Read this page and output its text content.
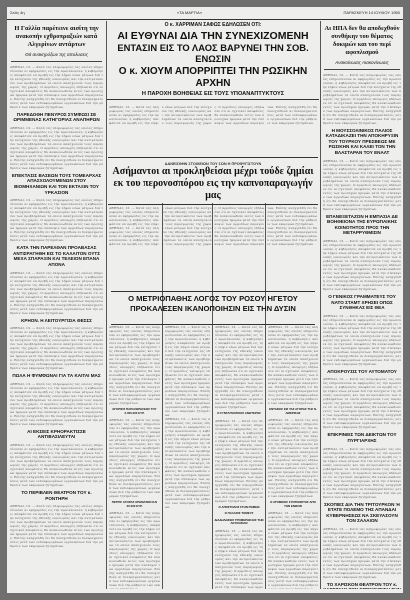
Σελίς 4η	«ΤΑ ΜΑΡΤΙΑ»	ΠΑΡΑΣΚΕΥΗ 14 ΙΟΥΛΙΟΥ 1950
Η Γαλλία παρέτεινε αισίτη την ανακοπήν εχθροπραξιών κατά Αλγερίνων αντάρτων
Θά ανακηρύξων της απολυσεις
ΑΘΗΝΑΙ, 13. — Κατά τας πληροφορίας τας οποίας εδημοσίευσαν αι εφημερίδες εις την πρωτεύουσαν, η κυβέρνησις απεφάσισε να προβή εις την λήψιν νέων μέτρων διά την ενίσχυσιν της εθνικής οικονομίας και την αντιμετώπισιν των προβλημάτων τα οποία απασχολούν τους παραγωγούς της χώρας. Ο αρμόδιος υπουργός εδήλωσεν ότι αι σχετικαί αποφάσεις θα ανακοινωθούν εντός των προσεχών ημερών μετά την σύσκεψιν των αρμοδίων παραγόντων. Επίσης ανηγγέλθη ότι θα συνεχισθούν αι διαπραγματεύσεις μετά των ενδιαφερομένων οργανώσεων διά την ρύθμισιν των εκκρεμών ζητημάτων.
ΠΑΡΕΔΟΘΗ ΠΕΝΥΡΟΣ ΣΥΜΦΩΣΙ ΣΕ ΩΡΙΜΜΕΝΑΣ ΚΑΤΗΓΟΡΙΑΣ ΑΝΑΠΗΡΩΝ
ΑΘΗΝΑΙ, 13. — Κατά τας πληροφορίας τας οποίας εδημοσίευσαν αι εφημερίδες εις την πρωτεύουσαν, η κυβέρνησις απεφάσισε να προβή εις την λήψιν νέων μέτρων διά την ενίσχυσιν της εθνικής οικονομίας και την αντιμετώπισιν των προβλημάτων τα οποία απασχολούν τους παραγωγούς της χώρας. Ο αρμόδιος υπουργός εδήλωσεν ότι αι σχετικαί αποφάσεις θα ανακοινωθούν εντός των προσεχών ημερών μετά την σύσκεψιν των αρμοδίων παραγόντων. Επίσης ανηγγέλθη ότι θα συνεχισθούν αι διαπραγματεύσεις μετά των ενδιαφερομένων οργανώσεων διά την ρύθμισιν των εκκρεμών ζητημάτων.
ΕΠΕΚΤΑΣΙΣ ΒΑΣΕΩΝ ΤΟΥΣ ΤΟΜΕΑΡΧΑΣ ΑΠΑΣΧΟΛΟΥΜΕΝΩΝ ΣΤΟΥ ΒΙΟΜΗΧΑΝΙΩΝ ΚΑΙ ΤΟΝ ΕΚΤΑΞΙΝ ΤΟΥ ΥΡΚΑΣΙΟΝ
ΑΘΗΝΑΙ, 13. — Κατά τας πληροφορίας τας οποίας εδημοσίευσαν αι εφημερίδες εις την πρωτεύουσαν, η κυβέρνησις απεφάσισε να προβή εις την λήψιν νέων μέτρων διά την ενίσχυσιν της εθνικής οικονομίας και την αντιμετώπισιν των προβλημάτων τα οποία απασχολούν τους παραγωγούς της χώρας. Ο αρμόδιος υπουργός εδήλωσεν ότι αι σχετικαί αποφάσεις θα ανακοινωθούν εντός των προσεχών ημερών μετά την σύσκεψιν των αρμοδίων παραγόντων. Επίσης ανηγγέλθη ότι θα συνεχισθούν αι διαπραγματεύσεις μετά των ενδιαφερομένων οργανώσεων διά την ρύθμισιν των εκκρεμών ζητημάτων.
ΚΑΤΑ ΤΗΝ ΠΑΡΕΛΘΑΝ ΠΡΟΑΒΑΣΑΣ ΑΝΤΙΣΡΑΓΗΘΗ ΕΙΣ ΤΟ ΚΑΛΑΙΤΟΝ ΟΥΤΣ ΜΕΧΑ ΣΠΑΡΑΞΙΝ ΚΑΙ ΤΕΛΕΙΟΝ ΕΠΑΝΑ ΑΠΟΝΑ
ΑΘΗΝΑΙ, 13. — Κατά τας πληροφορίας τας οποίας εδημοσίευσαν αι εφημερίδες εις την πρωτεύουσαν, η κυβέρνησις απεφάσισε να προβή εις την λήψιν νέων μέτρων διά την ενίσχυσιν της εθνικής οικονομίας και την αντιμετώπισιν των προβλημάτων τα οποία απασχολούν τους παραγωγούς της χώρας. Ο αρμόδιος υπουργός εδήλωσεν ότι αι σχετικαί αποφάσεις θα ανακοινωθούν εντός των προσεχών ημερών μετά την σύσκεψιν των αρμοδίων παραγόντων. Επίσης ανηγγέλθη ότι θα συνεχισθούν αι διαπραγματεύσεις μετά των ενδιαφερομένων οργανώσεων διά την ρύθμισιν των εκκρεμών ζητημάτων.
ΚΡΗΟΝ. Η ΛΕΙΤΟΥΡΓΙΣΙΑ ΘΕΣΣΣ
ΑΘΗΝΑΙ, 13. — Κατά τας πληροφορίας τας οποίας εδημοσίευσαν αι εφημερίδες εις την πρωτεύουσαν, η κυβέρνησις απεφάσισε να προβή εις την λήψιν νέων μέτρων διά την ενίσχυσιν της εθνικής οικονομίας και την αντιμετώπισιν των προβλημάτων τα οποία απασχολούν τους παραγωγούς της χώρας. Ο αρμόδιος υπουργός εδήλωσεν ότι αι σχετικαί αποφάσεις θα ανακοινωθούν εντός των προσεχών ημερών μετά την σύσκεψιν των αρμοδίων παραγόντων. Επίσης ανηγγέλθη ότι θα συνεχισθούν αι διαπραγματεύσεις μετά των ενδιαφερομένων οργανώσεων διά την ρύθμισιν των εκκρεμών ζητημάτων.
ΠΩΛΑ Η ΦΥΜΦΩΝΑΙ ΓΙΑ ΤΑ ΚΑΙΤΑΙ ΜΑΣ
ΑΘΗΝΑΙ, 13. — Κατά τας πληροφορίας τας οποίας εδημοσίευσαν αι εφημερίδες εις την πρωτεύουσαν, η κυβέρνησις απεφάσισε να προβή εις την λήψιν νέων μέτρων διά την ενίσχυσιν της εθνικής οικονομίας και την αντιμετώπισιν των προβλημάτων τα οποία απασχολούν τους παραγωγούς της χώρας. Ο αρμόδιος υπουργός εδήλωσεν ότι αι σχετικαί αποφάσεις θα ανακοινωθούν εντός των προσεχών ημερών μετά την σύσκεψιν των αρμοδίων παραγόντων. Επίσης ανηγγέλθη ότι θα συνεχισθούν αι διαπραγματεύσεις μετά των ενδιαφερομένων οργανώσεων διά την ρύθμισιν των εκκρεμών ζητημάτων.
ΑΙ ΕΚΣΕΙΣ ΚΡΗΟΡΑΚΤΙΣΣΕ ΑΝΤΙΒΑΣΙΛΕΥΤΑΙ
ΑΘΗΝΑΙ, 13. — Κατά τας πληροφορίας τας οποίας εδημοσίευσαν αι εφημερίδες εις την πρωτεύουσαν, η κυβέρνησις απεφάσισε να προβή εις την λήψιν νέων μέτρων διά την ενίσχυσιν της εθνικής οικονομίας και την αντιμετώπισιν των προβλημάτων τα οποία απασχολούν τους παραγωγούς της χώρας. Ο αρμόδιος υπουργός εδήλωσεν ότι αι σχετικαί αποφάσεις θα ανακοινωθούν εντός των προσεχών ημερών μετά την σύσκεψιν των αρμοδίων παραγόντων. Επίσης ανηγγέλθη ότι θα συνεχισθούν αι διαπραγματεύσεις μετά των ενδιαφερομένων οργανώσεων διά την ρύθμισιν των εκκρεμών ζητημάτων.
ΤΟ ΠΕΡΙΒΛΕΝ ΘΕΑΤΡΟΝ ΤΟΥ κ. ΡΟΝΤΗΡΗ
ΑΘΗΝΑΙ, 13. — Κατά τας πληροφορίας τας οποίας εδημοσίευσαν αι εφημερίδες εις την πρωτεύουσαν, η κυβέρνησις απεφάσισε να προβή εις την λήψιν νέων μέτρων διά την ενίσχυσιν της εθνικής οικονομίας και την αντιμετώπισιν των προβλημάτων τα οποία απασχολούν τους παραγωγούς της χώρας. Ο αρμόδιος υπουργός εδήλωσεν ότι αι σχετικαί αποφάσεις θα ανακοινωθούν εντός των προσεχών ημερών μετά την σύσκεψιν των αρμοδίων παραγόντων. Επίσης ανηγγέλθη ότι θα συνεχισθούν αι διαπραγματεύσεις μετά των ενδιαφερομένων οργανώσεων διά την ρύθμισιν των εκκρεμών ζητημάτων.
Ο κ. ΧΑΡΡΙΜΑΝ ΣΑΦΩΣ ΕΔΗΛΩΣΕΝ ΟΤΙ:
ΑΙ ΕΥΘΥΝΑΙ ΔΙΑ ΤΗΝ ΣΥΝΕΧΙΖΟΜΕΝΗ
ΕΝΤΑΣΙΝ ΕΙΣ ΤΟ ΛΑΟΣ ΒΑΡΥΝΕΙ ΤΗΝ ΣΟΒ. ΕΝΩΣΙΝ
Ο κ. ΧΙΟΥΜ ΑΠΟΡΡΙΠΤΕΙ ΤΗΝ ΡΩΣΙΚΗΝ ΑΡΧΗΝ
Η ΠΑΡΟΧΗ ΒΟΗΘΕΙΑΣ ΕΙΣ ΤΟΥΣ ΥΠΟΑΝΑΠΤΥΚΤΟΥΣ
ΑΘΗΝΑΙ, 13. — Κατά τας πληροφορίας τας οποίας εδημοσίευσαν αι εφημερίδες εις την πρωτεύουσαν, η κυβέρνησις απεφάσισε να προβή εις την λήψιν νέων μέτρων διά την ενίσχυσιν της εθνικής οικονομίας και την αντιμετώπισιν των προβλημάτων τα οποία απασχολούν τους παραγωγούς της χώρας. Ο αρμόδιος υπουργός εδήλωσεν ότι αι σχετικαί αποφάσεις θα ανακοινωθούν εντός των προσεχών ημερών μετά την σύσκεψιν των αρμοδίων παραγόντων. Επίσης ανηγγέλθη ότι θα συνεχισθούν αι διαπραγματεύσεις μετά των ενδιαφερομένων οργανώσεων διά την ρύθμισιν των εκκρεμών ζητημάτων.
ΔΑΝΕΙΣΘΗΝ ΣΤΟΙΧΕΙΩΝ ΤΟΥ ΣΩΝ Η ΠΡΟΦΥΓΙΣΤΟΥΝ
Ασήμαντοι αι προκληθείσαι μέχρι τούδε ζημίαι
εκ του περονοσπόρου εις την καπνοπαραγωγήν μας
ΑΘΗΝΑΙ, 13. — Κατά τας πληροφορίας τας οποίας εδημοσίευσαν αι εφημερίδες εις την πρωτεύουσαν, η κυβέρνησις απεφάσισε να προβή εις την λήψιν νέων μέτρων διά την ενίσχυσιν της εθνικής οικονομίας και την αντιμετώπισιν των προβλημάτων τα οποία απασχολούν τους παραγωγούς της χώρας. Ο αρμόδιος υπουργός εδήλωσεν ότι αι σχετικαί αποφάσεις θα ανακοινωθούν εντός των προσεχών ημερών μετά την σύσκεψιν των αρμοδίων παραγόντων. Επίσης ανηγγέλθη ότι θα συνεχισθούν αι διαπραγματεύσεις μετά των ενδιαφερομένων οργανώσεων διά την ρύθμισιν των εκκρεμών ζητημάτων.
ΑΘΗΝΑΙ, 13. — Κατά τας πληροφορίας τας οποίας εδημοσίευσαν αι εφημερίδες εις την πρωτεύουσαν, η κυβέρνησις απεφάσισε να προβή εις την λήψιν νέων μέτρων διά την ενίσχυσιν της εθνικής οικονομίας και την αντιμετώπισιν των προβλημάτων τα οποία απασχολούν τους παραγωγούς της χώρας. Ο αρμόδιος υπουργός εδήλωσεν ότι αι σχετικαί αποφάσεις θα ανακοινωθούν εντός των προσεχών ημερών μετά την σύσκεψιν των αρμοδίων παραγόντων. Επίσης ανηγγέλθη ότι θα συνεχισθούν αι διαπραγματεύσεις μετά των ενδιαφερομένων οργανώσεων διά την ρύθμισιν των εκκρεμών ζητημάτων.
Ο ΜΕΤΡΙΟΠΑΘΗΣ ΛΟΓΟΣ ΤΟΥ ΡΟΣΟΥ ΗΓΕΤΟΥ
ΠΡΟΚΑΛΕΣΕΝ ΙΚΑΝΟΠΟΙΗΣΙΝ ΕΙΣ ΤΗΝ ΔΥΣΙΝ
ΑΘΗΝΑΙ, 13. — Κατά τας πληροφορίας τας οποίας εδημοσίευσαν αι εφημερίδες εις την πρωτεύουσαν, η κυβέρνησις απεφάσισε να προβή εις την λήψιν νέων μέτρων διά την ενίσχυσιν της εθνικής οικονομίας και την αντιμετώπισιν των προβλημάτων τα οποία απασχολούν τους παραγωγούς της χώρας. Ο αρμόδιος υπουργός εδήλωσεν ότι αι σχετικαί αποφάσεις θα ανακοινωθούν εντός των προσεχών ημερών μετά την σύσκεψιν των αρμοδίων παραγόντων. Επίσης ανηγγέλθη ότι θα συνεχισθούν αι διαπραγματεύσεις μετά των ενδιαφερομένων οργανώσεων διά την ρύθμισιν των εκκρεμών ζητημάτων.
ΕΓΚΡΙΣΙΣ ΠΑΡΑΧΩΡΗΣΕΩΣ ΤΟΥ 2.000.000 ΕΥΡ.
ΑΘΗΝΑΙ, 13. — Κατά τας πληροφορίας τας οποίας εδημοσίευσαν αι εφημερίδες εις την πρωτεύουσαν, η κυβέρνησις απεφάσισε να προβή εις την λήψιν νέων μέτρων διά την ενίσχυσιν της εθνικής οικονομίας και την αντιμετώπισιν των προβλημάτων τα οποία απασχολούν τους παραγωγούς της χώρας. Ο αρμόδιος υπουργός εδήλωσεν ότι αι σχετικαί αποφάσεις θα ανακοινωθούν εντός των προσεχών ημερών μετά την σύσκεψιν των αρμοδίων παραγόντων. Επίσης ανηγγέλθη ότι θα συνεχισθούν αι διαπραγματεύσεις μετά των ενδιαφερομένων οργανώσεων διά την ρύθμισιν των εκκρεμών ζητημάτων.
ΠΕΤΡΙΣ ΑΓΟΡΑΣ ΧΡΗΜΑΤΩΝ ΚΑΙ 20.000 ΕΥΡ.
ΑΘΗΝΑΙ, 13. — Κατά τας πληροφορίας τας οποίας εδημοσίευσαν αι εφημερίδες εις την πρωτεύουσαν, η κυβέρνησις απεφάσισε να προβή εις την λήψιν νέων μέτρων διά την ενίσχυσιν της εθνικής οικονομίας και την αντιμετώπισιν των προβλημάτων τα οποία απασχολούν τους παραγωγούς της χώρας. Ο αρμόδιος υπουργός εδήλωσεν ότι αι σχετικαί αποφάσεις θα ανακοινωθούν εντός των προσεχών ημερών μετά την σύσκεψιν των αρμοδίων παραγόντων. Επίσης ανηγγέλθη ότι θα συνεχισθούν αι διαπραγματεύσεις μετά των ενδιαφερομένων οργανώσεων διά την ρύθμισιν των εκκ
ΑΘΗΝΑΙ, 13. — Κατά τας πληροφορίας τας οποίας εδημοσίευσαν αι εφημερίδες εις την πρωτεύουσαν, η κυβέρνησις απεφάσισε να προβή εις την λήψιν νέων μέτρων διά την ενίσχυσιν της εθνικής οικονομίας και την αντιμετώπισιν των προβλημάτων τα οποία απασχολούν τους παραγωγούς της χώρας. Ο αρμόδιος υπουργός εδήλωσεν ότι αι σχετικαί αποφάσεις θα ανακοινωθούν εντός των προσεχών ημερών μετά την σύσκεψιν των αρμοδίων παραγόντων. Επίσης ανηγγέλθη ότι θα συνεχισθούν αι διαπραγματεύσεις μετά των ενδιαφερομένων οργανώσεων διά την ρύθμισιν των εκκρεμών ζητημάτων.
ΑΘΗΝΑΙ, 13. — Κατά τας πληροφορίας τας οποίας εδημοσίευσαν αι εφημερίδες εις την πρωτεύουσαν, η κυβέρνησις απεφάσισε να προβή εις την λήψιν νέων μέτρων διά την ενίσχυσιν της εθνικής οικονομίας και την αντιμετώπισιν των προβλημάτων τα οποία απασχολούν τους παραγωγούς της χώρας. Ο αρμόδιος υπουργός εδήλωσεν ότι αι σχετικαί αποφάσεις θα ανακοινωθούν εντός των προσεχών ημερών μετά την σύσκεψιν των αρμοδίων παραγόντων. Επίσης ανηγγέλθη ότι θα συνεχισθούν αι διαπραγματεύσεις μετά των ενδιαφερομένων οργανώσεων διά την ρύθμισιν των εκκρεμών ζητημάτων.
ΑΘΗΝΑΙ, 13. — Κατά τας πληροφορίας τας οποίας εδημοσίευσαν αι εφημερίδες εις την πρωτεύουσαν, η κυβέρνησις απεφάσισε να προβή εις την λήψιν νέων μέτρων διά την ενίσχυσιν της εθνικής οικονομίας και την αντιμετώπισιν των προβλημάτων τα οποία απασχολούν τους παραγωγούς της χώρας. Ο αρμόδιος υπουργός εδήλωσεν ότι αι σχετικαί αποφάσεις θα ανακοινωθούν εντός των προσεχών ημερών μετά την σύσκεψιν των αρμοδίων παραγόντων. Επίσης ανηγγέλθη ότι θα συνεχισθούν αι διαπραγματεύσεις μετά των ενδιαφερομένων οργανώσεων διά την ρύθμισιν των εκκρεμών ζητημάτων.
Ο ΣΥΝΤΑΓΜΑΤΙΚΟΣ ΑΝΩΤΕΡΟΣ
ΑΘΗΝΑΙ, 13. — Κατά τας πληροφορίας τας οποίας εδημοσίευσαν αι εφημερίδες εις την πρωτεύουσαν, η κυβέρνησις απεφάσισε να προβή εις την λήψιν νέων μέτρων διά την ενίσχυσιν της εθνικής οικονομίας και την αντιμετώπισιν των προβλημάτων τα οποία απασχολούν τους παραγωγούς της χώρας. Ο αρμόδιος υπουργός εδήλωσεν ότι αι σχετικαί αποφάσεις θα ανακοινωθούν εντός των προσεχών ημερών μετά την σύσκεψιν των αρμοδίων παραγόντων. Επίσης ανηγγέλθη ότι θα συνεχισθούν αι διαπραγματεύσεις μετά των ενδιαφερομένων οργανώσεων διά την ρύθμισιν των εκκρεμών ζητημάτων.
Ο ΑΠΟΣΤΟΛΟΣ ΣΤΗΝ ΡΩΜΗΝ
Ο ΠΑΛΑΙΟΣ ΤΟΜΕΥΣ
ΔΙΑΔΗΛΩΣΕΙΣ ΤΡΟΜΕΡΩΝ ΕΙΣ ΤΗΝ ΛΕΥΚΩΣΙΑΝ
ΑΘΗΝΑΙ, 13. — Κατά τας πληροφορίας τας οποίας εδημοσίευσαν αι εφημερίδες εις την πρωτεύουσαν, η κυβέρνησις απεφάσισε να προβή εις την λήψιν νέων μέτρων διά την ενίσχυσιν της εθνικής οικονομίας και την αντιμετώπισιν των προβλημάτων τα οποία απασχολούν τους παραγωγούς της χώρας. Ο αρμόδιος υπουργός εδήλωσεν ότι αι σχετικαί αποφάσεις θα ανακοινωθούν εντός των προσεχών ημερών μετά την σύσκεψιν των αρμο
ΑΘΗΝΑΙ, 13. — Κατά τας πληροφορίας τας οποίας εδημοσίευσαν αι εφημερίδες εις την πρωτεύουσαν, η κυβέρνησις απεφάσισε να προβή εις την λήψιν νέων μέτρων διά την ενίσχυσιν της εθνικής οικονομίας και την αντιμετώπισιν των προβλημάτων τα οποία απασχολούν τους παραγωγούς της χώρας. Ο αρμόδιος υπουργός εδήλωσεν ότι αι σχετικαί αποφάσεις θα ανακοινωθούν εντός των προσεχών ημερών μετά την σύσκεψιν των αρμοδίων παραγόντων. Επίσης ανηγγέλθη ότι θα συνεχισθούν αι διαπραγματεύσεις μετά των ενδιαφερομένων οργανώσεων διά την ρύθμισιν των εκκρεμών ζητημάτων.
ΕΝΤΑΣΕΙΣ ΕΙΣ ΤΑΣ ΑΓΟΡΑΣ ΤΗΣ Ν. ΑΜΕΡΙΚΗΣ
ΑΘΗΝΑΙ, 13. — Κατά τας πληροφορίας τας οποίας εδημοσίευσαν αι εφημερίδες εις την πρωτεύουσαν, η κυβέρνησις απεφάσισε να προβή εις την λήψιν νέων μέτρων διά την ενίσχυσιν της εθνικής οικονομίας και την αντιμετώπισιν των προβλημάτων τα οποία απασχολούν τους παραγωγούς της χώρας. Ο αρμόδιος υπουργός εδήλωσεν ότι αι σχετικαί αποφάσεις θα ανακοινωθούν εντός των προσεχών ημερών μετά την σύσκεψιν των αρμοδίων παραγόντων. Επίσης ανηγγέλθη ότι θα συνεχισθούν αι διαπραγματεύσεις μετά των ενδιαφερομένων οργανώσεων διά την ρύθμισιν των εκκρεμών ζητημάτων.
Ο ΑΤΟΜΙΚΟΣ ΣΥΝΤΟΝΙΣΤΗΣ ΑΠΟ ΤΗΝ ΕΝΩΣΙΝ
ΑΘΗΝΑΙ, 13. — Κατά τας πληροφορίας τας οποίας εδημοσίευσαν αι εφημερίδες εις την πρωτεύουσαν, η κυβέρνησις απεφάσισε να προβή εις την λήψιν νέων μέτρων διά την ενίσχυσιν της εθνικής οικονομίας και την αντιμετώπισιν των προβλημάτων τα οποία απασχολούν τους παραγωγούς της χώρας. Ο αρμόδιος υπουργός εδήλωσεν ότι αι σχετικαί αποφάσεις θα ανακοινωθούν εντός των προσεχών ημερών μετά την σύσκεψιν των αρμοδίων παραγόντων. Επίσης ανηγγέλθη ότι θα συνεχισθούν αι διαπραγματεύσεις μετά των ενδιαφερομένων οργανώσεων διά την ρύθμισι
Αι ΗΠΑ δεν θα αποδεχθούν συνθήκην του θέματος δοκιμών και του περί αφοπλισμού
Ανακοίνωσις Αιακονίνωσις
ΑΘΗΝΑΙ, 13. — Κατά τας πληροφορίας τας οποίας εδημοσίευσαν αι εφημερίδες εις την πρωτεύουσαν, η κυβέρνησις απεφάσισε να προβή εις την λήψιν νέων μέτρων διά την ενίσχυσιν της εθνικής οικονομίας και την αντιμετώπισιν των προβλημάτων τα οποία απασχολούν τους παραγωγούς της χώρας. Ο αρμόδιος υπουργός εδήλωσεν ότι αι σχετικαί αποφάσεις θα ανακοινωθούν εντός των προσεχών ημερών μετά την σύσκεψιν των αρμοδίων παραγόντων. Επίσης ανηγγέλθη ότι θα συνεχισθούν αι διαπραγματεύσεις μετά των ενδιαφερομένων οργανώσεων διά την ρύθμισιν των εκκρεμών ζητημάτων.
Η ΜΟΥΣΣΟΛΙΝΙΚΟΣ ΠΑΛΙΟΣ ΚΑΤΑΔΙΚΑΖΕΙ ΤΗΝ ΑΠΟΚΗΡΥΞΙΝ ΤΟΥ ΤΟΥΡΚΟΥ ΠΡΕΣΒΕΩΣ ΜΕ ΡΩΣΙΚΗΝ ΚΑΙ ΚΑΛΕΙ ΤΟΝ ΤΗΝ ΒΛΑΣΤΑΡΑΝ ΤΟΥ ΕΝΑΛΤ
ΑΘΗΝΑΙ, 13. — Κατά τας πληροφορίας τας οποίας εδημοσίευσαν αι εφημερίδες εις την πρωτεύουσαν, η κυβέρνησις απεφάσισε να προβή εις την λήψιν νέων μέτρων διά την ενίσχυσιν της εθνικής οικονομίας και την αντιμετώπισιν των προβλημάτων τα οποία απασχολούν τους παραγωγούς της χώρας. Ο αρμόδιος υπουργός εδήλωσεν ότι αι σχετικαί αποφάσεις θα ανακοινωθούν εντός των προσεχών ημερών μετά την σύσκεψιν των αρμοδίων παραγόντων. Επίσης ανηγγέλθη ότι θα συνεχισθούν αι διαπραγματεύσεις μετά των ενδιαφερομένων οργανώσεων διά την ρύθμισιν των εκκρεμών ζητημάτων.
ΕΠΑΝΕΞΕΤΑΖΟΝ Η ΕΜΠΑΣΙΑ ΔΕ ΒΟΗΘΕΙΟΝΑ ΤΗΣ ΕΥΡΩΠΑΙΚΗΣ ΚΟΙΝΟΤΗΤΟΣ ΠΡΟΣ ΤΗΝ ΜΕΤΑΡΡΥΘΜΙΣΙΝ
ΑΘΗΝΑΙ, 13. — Κατά τας πληροφορίας τας οποίας εδημοσίευσαν αι εφημερίδες εις την πρωτεύουσαν, η κυβέρνησις απεφάσισε να προβή εις την λήψιν νέων μέτρων διά την ενίσχυσιν της εθνικής οικονομίας και την αντιμετώπισιν των προβλημάτων τα οποία απασχολούν τους παραγωγούς της χώρας. Ο αρμόδιος υπουργός εδήλωσεν ότι αι σχετικαί αποφάσεις θα ανακοινωθούν εντός των προσεχών ημερών μετά την σύσκεψιν των αρμοδίων παραγόντων. Επίσης ανηγγέλθη ότι θα συνεχισθούν αι διαπραγματεύσεις μετά των ενδιαφερομένων οργανώσεων διά την ρύθμισιν των εκκρεμών ζητημάτων.
Ο ΓΕΝΙΚΟΣ ΓΡΑΜΜΑΤΕΥΣ ΤΟΥ ΝΑΤΟ ΣΤΑΜΤ ΧΡΗΣΕΙ ΟΠΩΣ ΣΥΝΘΗΚΑΣ ΕΙΣ ΘΕΑ
ΑΘΗΝΑΙ, 13. — Κατά τας πληροφορίας τας οποίας εδημοσίευσαν αι εφημερίδες εις την πρωτεύουσαν, η κυβέρνησις απεφάσισε να προβή εις την λήψιν νέων μέτρων διά την ενίσχυσιν της εθνικής οικονομίας και την αντιμετώπισιν των προβλημάτων τα οποία απασχολούν τους παραγωγούς της χώρας. Ο αρμόδιος υπουργός εδήλωσεν ότι αι σχετικαί αποφάσεις θα ανακοινωθούν εντός των προσεχών ημερών μετά την σύσκεψιν των αρμοδίων παραγόντων. Επίσης ανηγγέλθη ότι θα συνεχισθούν αι διαπραγματεύσεις μετά των ενδιαφερομένων οργανώσεων διά την ρύθμισιν των εκκρεμών ζητημάτων.
ΑΠΟΚΡΟΥΣΙΣ ΤΟΥ ΑΥΤΟΜΑΤΟΥ
ΑΘΗΝΑΙ, 13. — Κατά τας πληροφορίας τας οποίας εδημοσίευσαν αι εφημερίδες εις την πρωτεύουσαν, η κυβέρνησις απεφάσισε να προβή εις την λήψιν νέων μέτρων διά την ενίσχυσιν της εθνικής οικονομίας και την αντιμετώπισιν των προβλημάτων τα οποία απασχολούν τους παραγωγούς της χώρας. Ο αρμόδιος υπουργός εδήλωσεν ότι αι σχετικαί αποφάσεις θα ανακοινωθούν εντός των προσεχών ημερών μετά την σύσκεψιν των αρμοδίων παραγόντων. Επίσης ανηγγέλθη ότι θα συνεχισθούν αι διαπραγματεύσεις μετά των ενδιαφερομένων οργανώσεων διά την ρύθμισιν των εκκρεμών ζητημάτων.
ΕΠΙΚΡΙΝΕΙΣ ΤΩΝ ΔΕΙΚΤΩΝ ΤΟΥ ΠΥΡΓΙΑΡΧΗΣ
ΑΘΗΝΑΙ, 13. — Κατά τας πληροφορίας τας οποίας εδημοσίευσαν αι εφημερίδες εις την πρωτεύουσαν, η κυβέρνησις απεφάσισε να προβή εις την λήψιν νέων μέτρων διά την ενίσχυσιν της εθνικής οικονομίας και την αντιμετώπισιν των προβλημάτων τα οποία απασχολούν τους παραγωγούς της χώρας. Ο αρμόδιος υπουργός εδήλωσεν ότι αι σχετικαί αποφάσεις θα ανακοινωθούν εντός των προσεχών ημερών μετά την σύσκεψιν των αρμοδίων παραγόντων. Επίσης ανηγγέλθη ότι θα συνεχισθούν αι διαπραγματεύσεις μετά των ενδιαφερομένων οργανώσεων διά την ρύθμισιν των εκκρεμών ζητημάτων.
ΣΚΟΠΙΕΣ ΔΙΑ ΤΗΝ ΤΡΙΤΟΥΡΚΟΝ Ή ΕΤΑΤΕ ΠΟΛΕΜΟ ΤΗΣ ΑΠΑΝΔΑΙ ΚΥΒΕΡΝΗΣΕΩΣ ΝΑ ΣΚΕΥΑΣΟΥΝ ΤΟΝ ΣΑΛΑΙΟΝ
ΑΘΗΝΑΙ, 13. — Κατά τας πληροφορίας τας οποίας εδημοσίευσαν αι εφημερίδες εις την πρωτεύουσαν, η κυβέρνησις απεφάσισε να προβή εις την λήψιν νέων μέτρων διά την ενίσχυσιν της εθνικής οικονομίας και την αντιμετώπισιν των προβλημάτων τα οποία απασχολούν τους παραγωγούς της χώρας. Ο αρμόδιος υπουργός εδήλωσεν ότι αι σχετικαί αποφάσεις θα ανακοινωθούν εντός των προσεχών ημερών μετά την σύσκεψιν των αρμοδίων παραγόντων. Επίσης ανηγγέλθη ότι θα συνεχισθούν αι διαπραγματεύσεις μετά των ενδιαφερομένων οργανώσεων διά την ρύθμισιν των εκκρεμών ζητημάτων.
ΤΟ ΧΑΡΙΣΚΟΝ ΘΕΑΤΡΟΝ ΤΟΥ κ.
